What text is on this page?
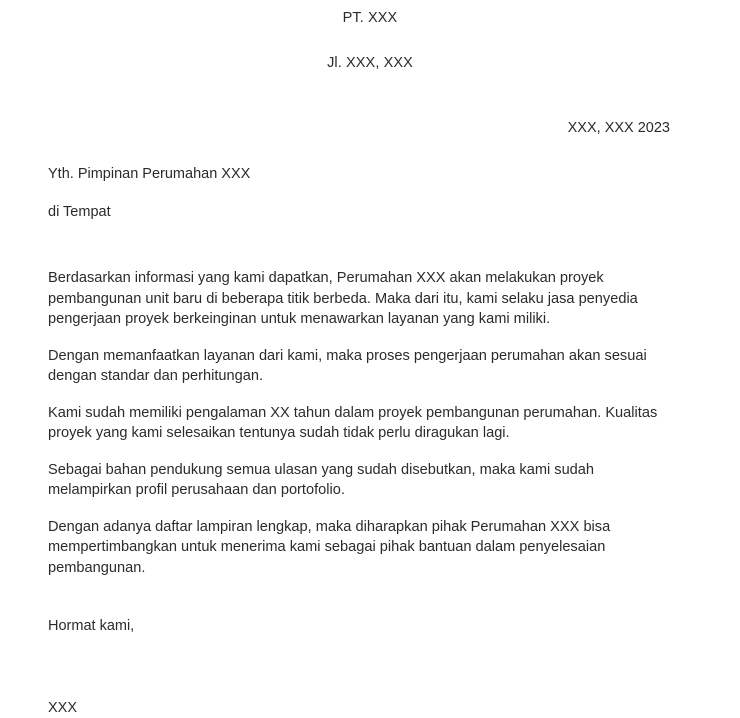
PT. XXX
Jl. XXX, XXX
XXX, XXX 2023
Yth. Pimpinan Perumahan XXX
di Tempat

Berdasarkan informasi yang kami dapatkan, Perumahan XXX akan melakukan proyek pembangunan unit baru di beberapa titik berbeda. Maka dari itu, kami selaku jasa penyedia pengerjaan proyek berkeinginan untuk menawarkan layanan yang kami miliki.

Dengan memanfaatkan layanan dari kami, maka proses pengerjaan perumahan akan sesuai dengan standar dan perhitungan.

Kami sudah memiliki pengalaman XX tahun dalam proyek pembangunan perumahan. Kualitas proyek yang kami selesaikan tentunya sudah tidak perlu diragukan lagi.

Sebagai bahan pendukung semua ulasan yang sudah disebutkan, maka kami sudah melampirkan profil perusahaan dan portofolio.

Dengan adanya daftar lampiran lengkap, maka diharapkan pihak Perumahan XXX bisa mempertimbangkan untuk menerima kami sebagai pihak bantuan dalam penyelesaian pembangunan.

Hormat kami,
XXX
